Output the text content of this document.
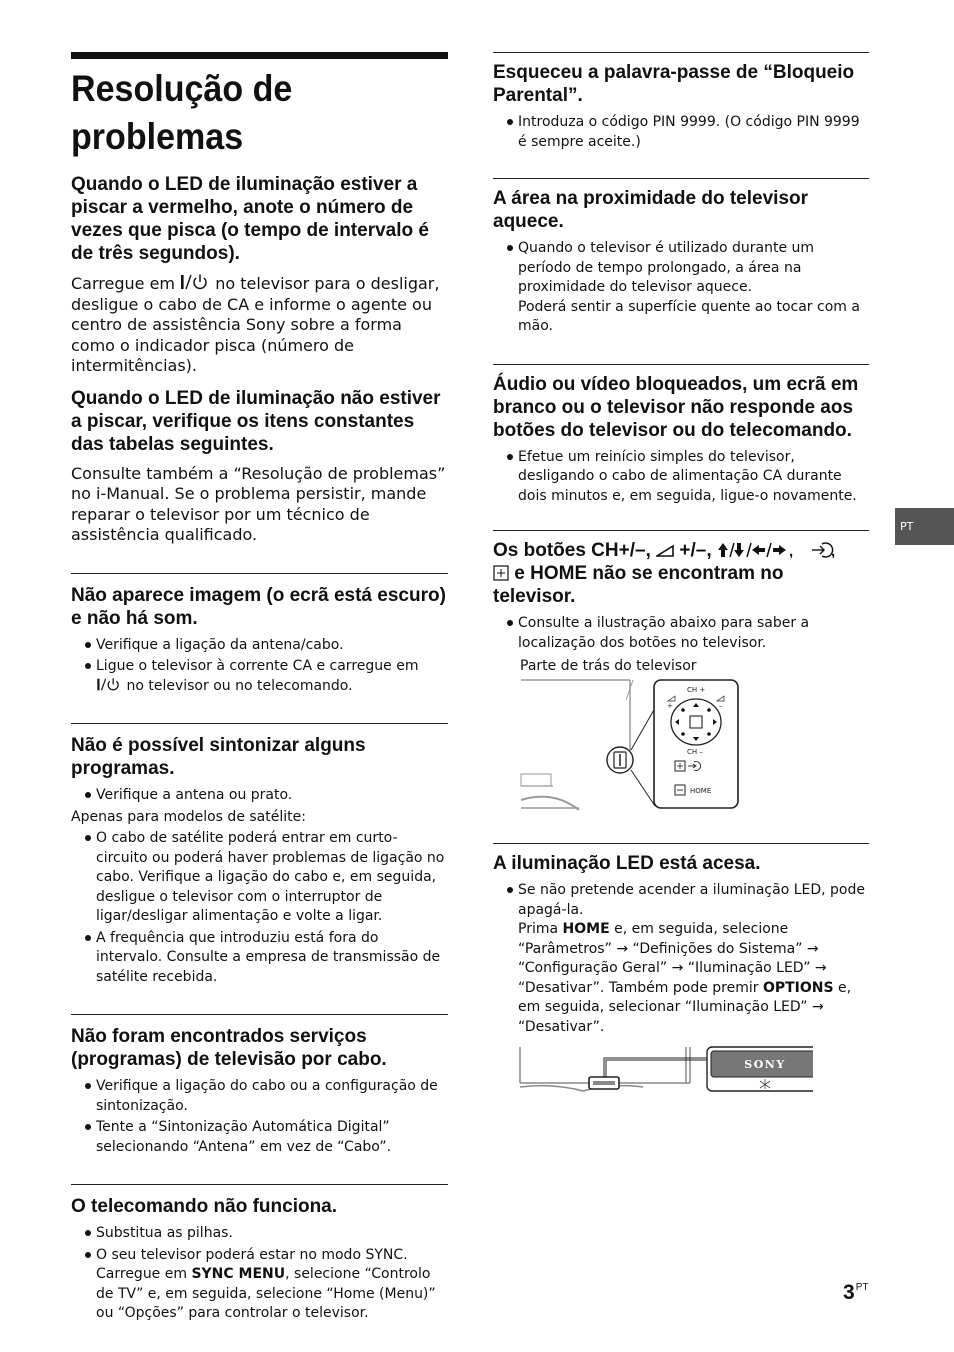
Resolução de problemas
Quando o LED de iluminação estiver a piscar a vermelho, anote o número de vezes que pisca (o tempo de intervalo é de três segundos).

Carregue em	no televisor para o desligar, desligue o cabo de CA e informe o agente ou centro de assistência Sony sobre a forma como o indicador pisca (número de intermitências).

Quando o LED de iluminação não estiver a piscar, verifique os itens constantes das tabelas seguintes.

Consulte também a “Resolução de problemas” no i-Manual. Se o problema persistir, mande reparar o televisor por um técnico de assistência qualificado.

Não aparece imagem (o ecrã está escuro) e não há som.
Verifique a ligação da antena/cabo.
Ligue o televisor à corrente CA e carregue em  no televisor ou no telecomando.
Não é possível sintonizar alguns programas.
Verifique a antena ou prato.

Apenas para modelos de satélite:

O cabo de satélite poderá entrar em curto-circuito ou poderá haver problemas de ligação no cabo. Verifique a ligação do cabo e, em seguida, desligue o televisor com o interruptor de ligar/desligar alimentação e volte a ligar.
A frequência que introduziu está fora do intervalo. Consulte a empresa de transmissão de satélite recebida.
Não foram encontrados serviços (programas) de televisão por cabo.
Verifique a ligação do cabo ou a configuração de sintonização.
Tente a “Sintonização Automática Digital” selecionando “Antena” em vez de “Cabo”.
O telecomando não funciona.
Substitua as pilhas.
O seu televisor poderá estar no modo SYNC. Carregue em SYNC MENU, selecione “Controlo de TV” e, em seguida, selecione “Home (Menu)” ou “Opções” para controlar o televisor.
Esqueceu a palavra-passe de “Bloqueio Parental”.
Introduza o código PIN 9999. (O código PIN 9999 é sempre aceite.)
A área na proximidade do televisor aquece.
Quando o televisor é utilizado durante um período de tempo prolongado, a área na proximidade do televisor aquece.
Poderá sentir a superfície quente ao tocar com a mão.
Áudio ou vídeo bloqueados, um ecrã em branco ou o televisor não responde aos botões do televisor ou do telecomando.
Efetue um reinício simples do televisor, desligando o cabo de alimentação CA durante dois minutos e, em seguida, ligue-o novamente.
Os botões CH+/–, +/–,	,
	,

e HOME não se encontram no televisor.
Consulte a ilustração abaixo para saber a localização dos botões no televisor.

Parte de trás do televisor

CH +
+	–
CH –
HOME
A iluminação LED está acesa.
Se não pretende acender a iluminação LED, pode apagá-la.
Prima HOME e, em seguida, selecione “Parâmetros” → “Definições do Sistema” → “Configuração Geral” → “Iluminação LED” → “Desativar”. Também pode premir OPTIONS e, em seguida, selecionar “Iluminação LED” → “Desativar”.
SONY
PT
$3^{PT}$
